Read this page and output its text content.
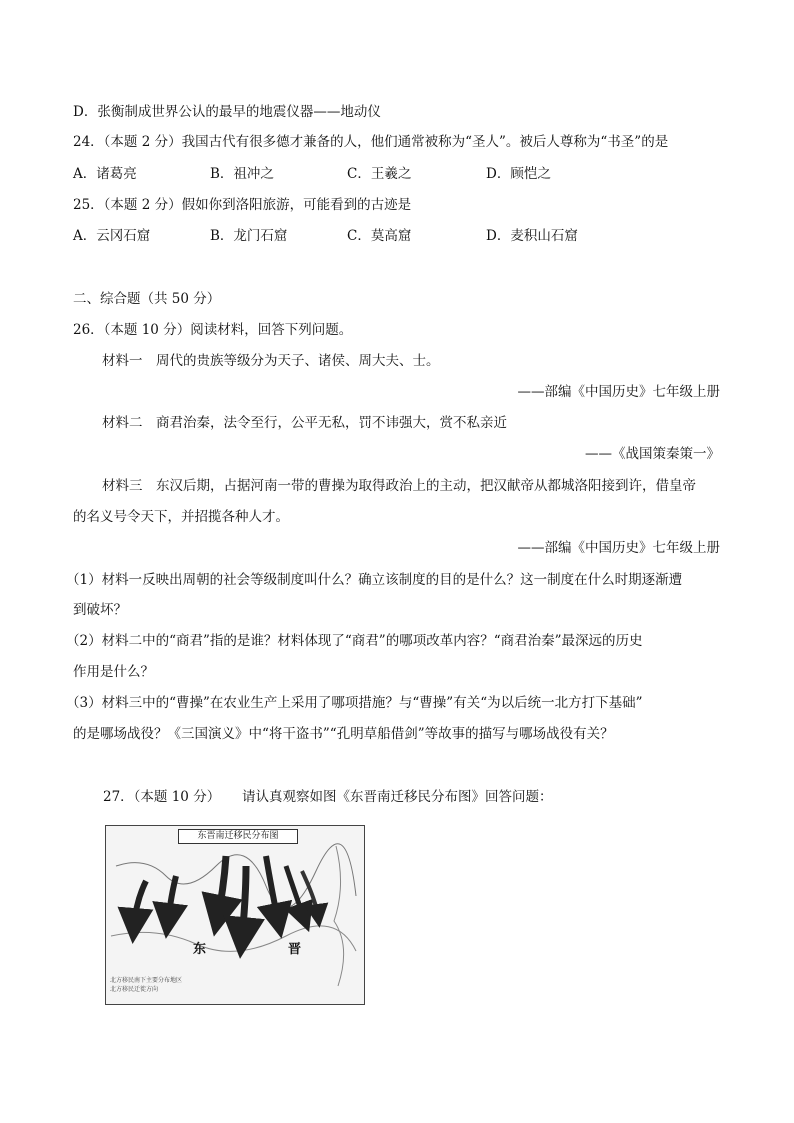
D．张衡制成世界公认的最早的地震仪器——地动仪
24．（本题 2 分）我国古代有很多德才兼备的人，他们通常被称为“圣人”。被后人尊称为“书圣”的是
A．诸葛亮	B．祖冲之	C．王羲之	D．顾恺之
25．（本题 2 分）假如你到洛阳旅游，可能看到的古迹是
A．云冈石窟	B．龙门石窟	C．莫高窟	D．麦积山石窟
二、综合题（共 50 分）
26．（本题 10 分）阅读材料，回答下列问题。
材料一　周代的贵族等级分为天子、诸侯、周大夫、士。
——部编《中国历史》七年级上册
材料二　商君治秦，法令至行，公平无私，罚不讳强大，赏不私亲近
——《战国策秦策一》
材料三　东汉后期，占据河南一带的曹操为取得政治上的主动，把汉献帝从都城洛阳接到许，借皇帝
的名义号令天下，并招揽各种人才。
——部编《中国历史》七年级上册
（1）材料一反映出周朝的社会等级制度叫什么？确立该制度的目的是什么？这一制度在什么时期逐渐遭
到破坏？
（2）材料二中的“商君”指的是谁？材料体现了“商君”的哪项改革内容？“商君治秦”最深远的历史
作用是什么？
（3）材料三中的“曹操”在农业生产上采用了哪项措施？与“曹操”有关“为以后统一北方打下基础”
的是哪场战役？《三国演义》中“将干盗书”“孔明草船借剑”等故事的描写与哪场战役有关？
27．（本题 10 分） 请认真观察如图《东晋南迁移民分布图》回答问题：
东晋南迁移民分布图
东	晋
北方移民南下主要分布地区
北方移民迁徙方向
